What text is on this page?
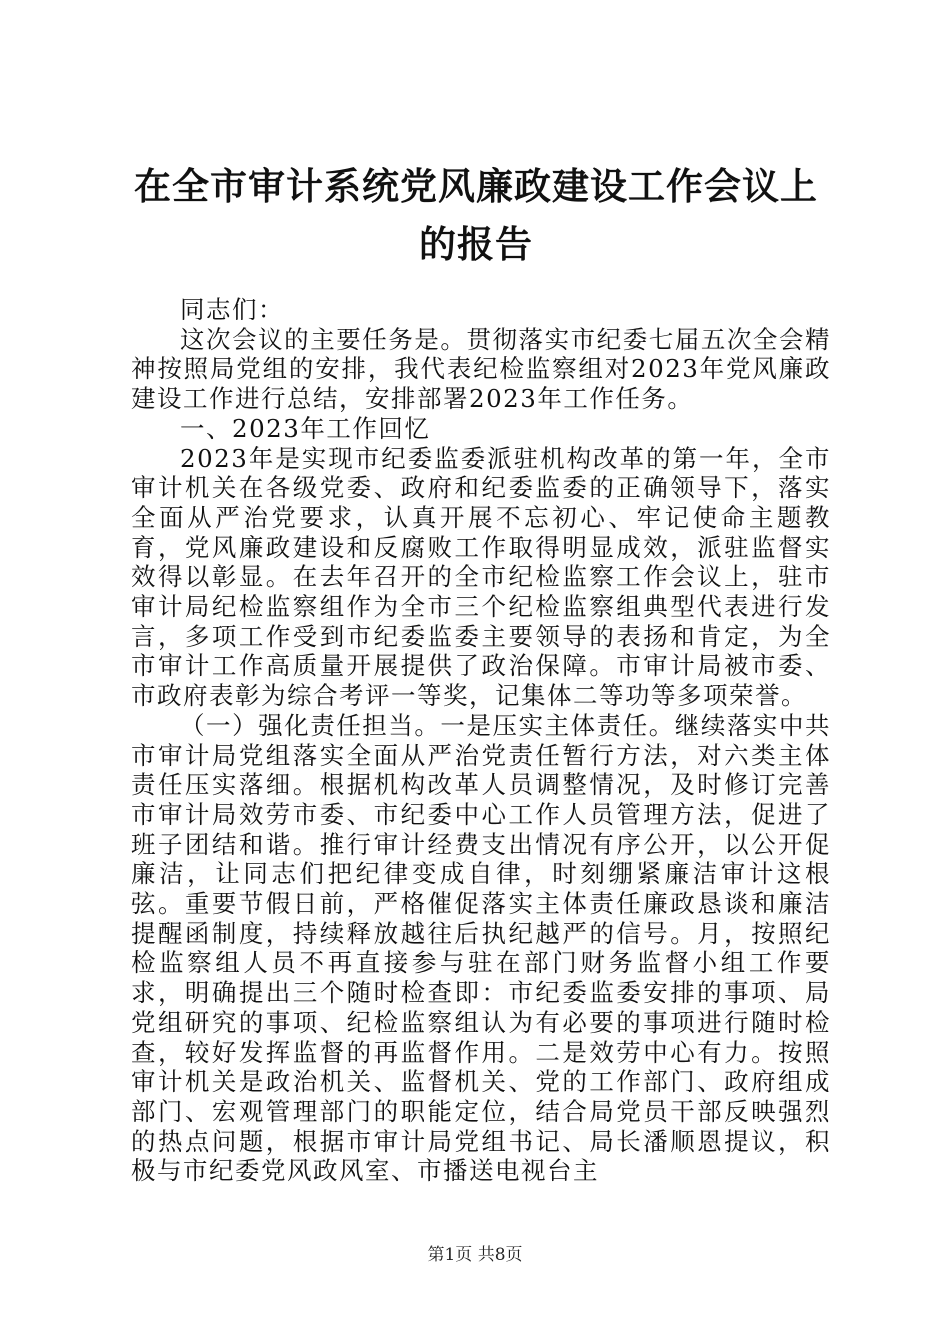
在全市审计系统党风廉政建设工作会议上的报告

同志们：

这次会议的主要任务是。贯彻落实市纪委七届五次全会精神按照局党组的安排，我代表纪检监察组对2023年党风廉政建设工作进行总结，安排部署2023年工作任务。

一、2023年工作回忆

2023年是实现市纪委监委派驻机构改革的第一年，全市审计机关在各级党委、政府和纪委监委的正确领导下，落实全面从严治党要求，认真开展不忘初心、牢记使命主题教育，党风廉政建设和反腐败工作取得明显成效，派驻监督实效得以彰显。在去年召开的全市纪检监察工作会议上，驻市审计局纪检监察组作为全市三个纪检监察组典型代表进行发言，多项工作受到市纪委监委主要领导的表扬和肯定，为全市审计工作高质量开展提供了政治保障。市审计局被市委、市政府表彰为综合考评一等奖，记集体二等功等多项荣誉。

（一）强化责任担当。一是压实主体责任。继续落实中共市审计局党组落实全面从严治党责任暂行方法，对六类主体责任压实落细。根据机构改革人员调整情况，及时修订完善市审计局效劳市委、市纪委中心工作人员管理方法，促进了班子团结和谐。推行审计经费支出情况有序公开，以公开促廉洁，让同志们把纪律变成自律，时刻绷紧廉洁审计这根弦。重要节假日前，严格催促落实主体责任廉政恳谈和廉洁提醒函制度，持续释放越往后执纪越严的信号。月，按照纪检监察组人员不再直接参与驻在部门财务监督小组工作要求，明确提出三个随时检查即：市纪委监委安排的事项、局党组研究的事项、纪检监察组认为有必要的事项进行随时检查，较好发挥监督的再监督作用。二是效劳中心有力。按照审计机关是政治机关、监督机关、党的工作部门、政府组成部门、宏观管理部门的职能定位，结合局党员干部反映强烈的热点问题，根据市审计局党组书记、局长潘顺恩提议，积极与市纪委党风政风室、市播送电视台主

第1页 共8页
